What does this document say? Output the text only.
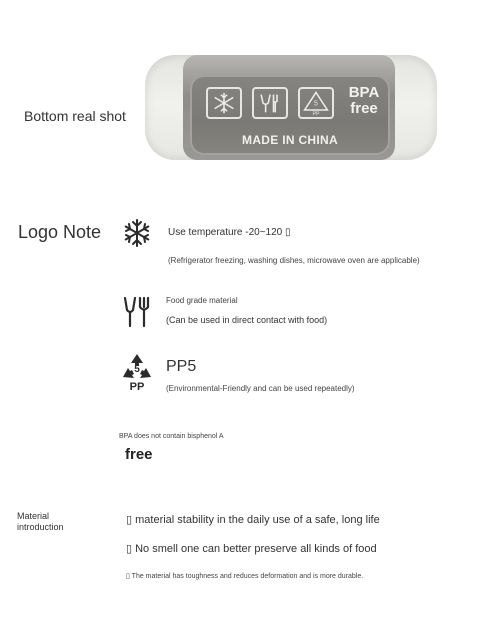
Bottom real shot
5
PP
BPA
free
MADE IN CHINA
Logo Note	Use temperature -20~120 ▯
(Refrigerator freezing, washing dishes, microwave oven are applicable)
Food grade material
(Can be used in direct contact with food)
5
PP
PP5
(Environmental-Friendly and can be used repeatedly)
BPA does not contain bisphenol A
free
Material
introduction
▯ material stability in the daily use of a safe, long life
▯ No smell one can better preserve all kinds of food
▯ The material has toughness and reduces deformation and is more durable.
